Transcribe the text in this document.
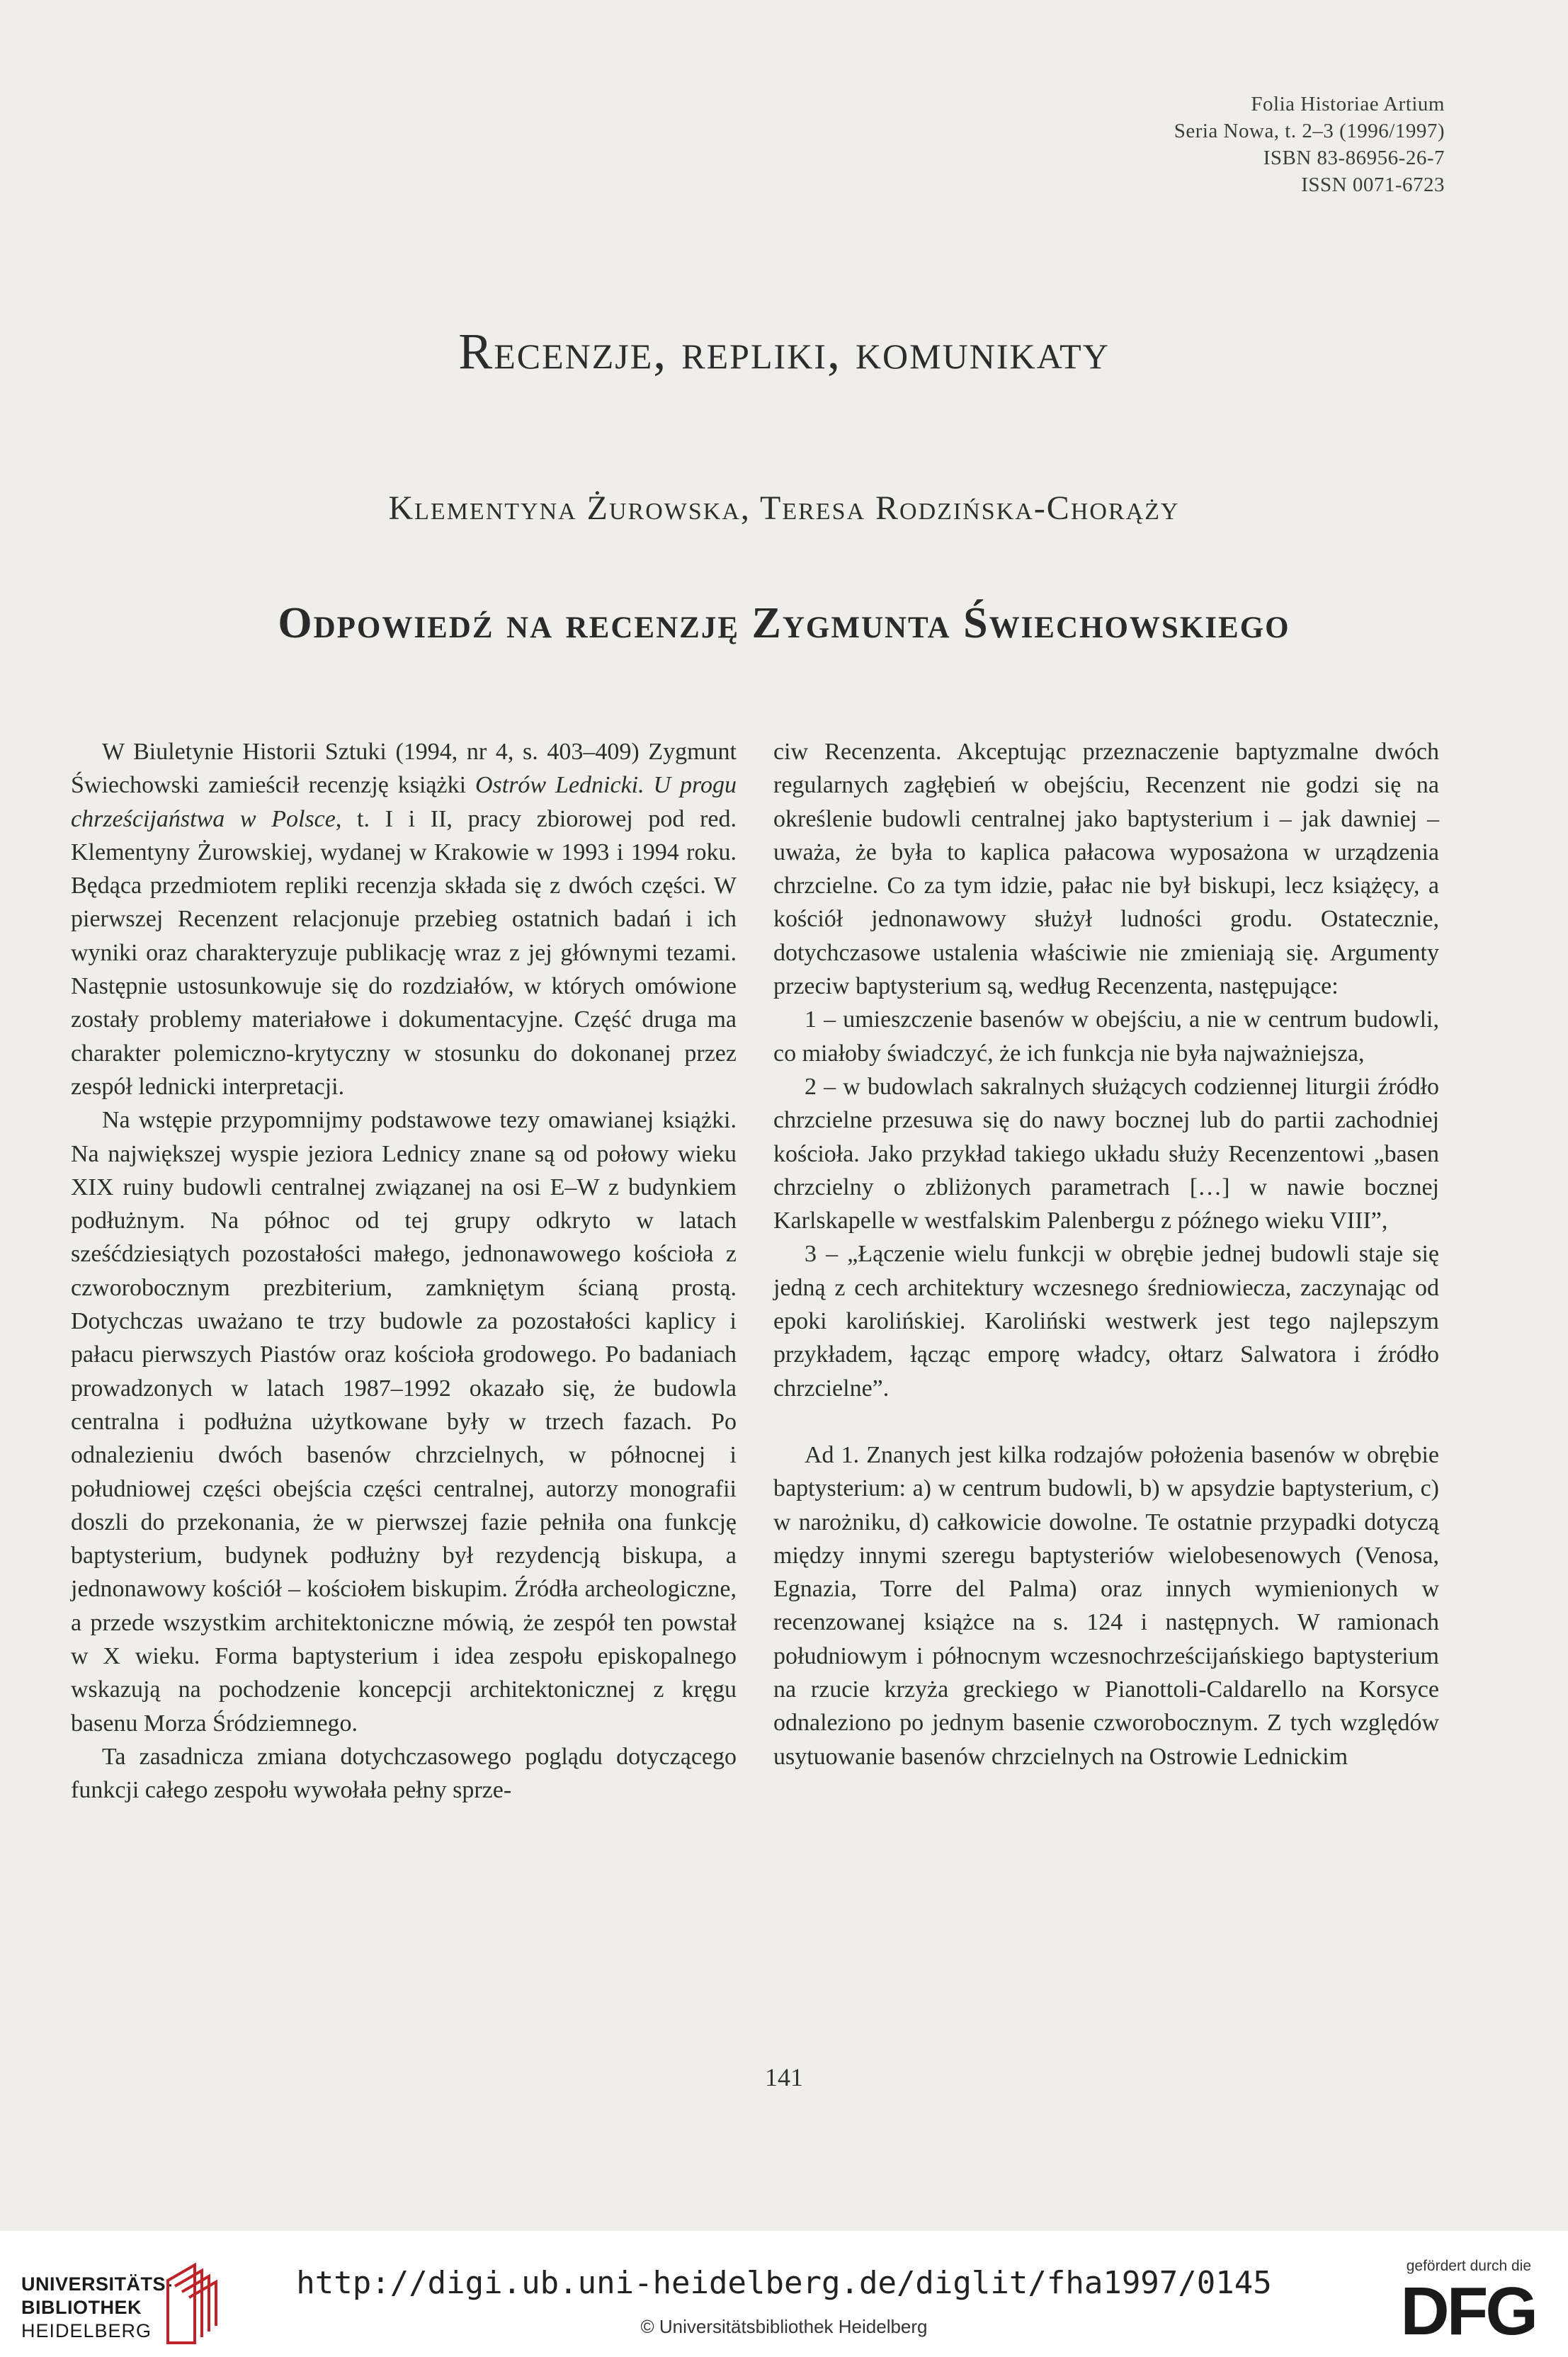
Folia Historiae Artium
Seria Nowa, t. 2–3 (1996/1997)
ISBN 83-86956-26-7
ISSN 0071-6723
Recenzje, repliki, komunikaty
Klementyna Żurowska, Teresa Rodzińska-Chorąży
Odpowiedź na recenzję Zygmunta Świechowskiego

W Biuletynie Historii Sztuki (1994, nr 4, s. 403–409) Zygmunt Świechowski zamieścił recenzję książki Ostrów Lednicki. U progu chrześcijaństwa w Polsce, t. I i II, pracy zbiorowej pod red. Klementyny Żurowskiej, wydanej w Krakowie w 1993 i 1994 roku. Będąca przedmiotem repliki recenzja składa się z dwóch części. W pierwszej Recenzent relacjonuje przebieg ostatnich badań i ich wyniki oraz charakteryzuje publikację wraz z jej głównymi tezami. Następnie ustosunkowuje się do rozdziałów, w których omówione zostały problemy materiałowe i dokumentacyjne. Część druga ma charakter polemiczno-krytyczny w stosunku do dokonanej przez zespół lednicki interpretacji.

Na wstępie przypomnijmy podstawowe tezy omawianej książki. Na największej wyspie jeziora Lednicy znane są od połowy wieku XIX ruiny budowli centralnej związanej na osi E–W z budynkiem podłużnym. Na północ od tej grupy odkryto w latach sześćdziesiątych pozostałości małego, jednonawowego kościoła z czworobocznym prezbiterium, zamkniętym ścianą prostą. Dotychczas uważano te trzy budowle za pozostałości kaplicy i pałacu pierwszych Piastów oraz kościoła grodowego. Po badaniach prowadzonych w latach 1987–1992 okazało się, że budowla centralna i podłużna użytkowane były w trzech fazach. Po odnalezieniu dwóch basenów chrzcielnych, w północnej i południowej części obejścia części centralnej, autorzy monografii doszli do przekonania, że w pierwszej fazie pełniła ona funkcję baptysterium, budynek podłużny był rezydencją biskupa, a jednonawowy kościół – kościołem biskupim. Źródła archeologiczne, a przede wszystkim architektoniczne mówią, że zespół ten powstał w X wieku. Forma baptysterium i idea zespołu episkopalnego wskazują na pochodzenie koncepcji architektonicznej z kręgu basenu Morza Śródziemnego.

Ta zasadnicza zmiana dotychczasowego poglądu dotyczącego funkcji całego zespołu wywołała pełny sprze-

ciw Recenzenta. Akceptując przeznaczenie baptyzmalne dwóch regularnych zagłębień w obejściu, Recenzent nie godzi się na określenie budowli centralnej jako baptysterium i – jak dawniej – uważa, że była to kaplica pałacowa wyposażona w urządzenia chrzcielne. Co za tym idzie, pałac nie był biskupi, lecz książęcy, a kościół jednonawowy służył ludności grodu. Ostatecznie, dotychczasowe ustalenia właściwie nie zmieniają się. Argumenty przeciw baptysterium są, według Recenzenta, następujące:

1 – umieszczenie basenów w obejściu, a nie w centrum budowli, co miałoby świadczyć, że ich funkcja nie była najważniejsza,

2 – w budowlach sakralnych służących codziennej liturgii źródło chrzcielne przesuwa się do nawy bocznej lub do partii zachodniej kościoła. Jako przykład takiego układu służy Recenzentowi „basen chrzcielny o zbliżonych parametrach […] w nawie bocznej Karlskapelle w westfalskim Palenbergu z późnego wieku VIII”,

3 – „Łączenie wielu funkcji w obrębie jednej budowli staje się jedną z cech architektury wczesnego średniowiecza, zaczynając od epoki karolińskiej. Karoliński westwerk jest tego najlepszym przykładem, łącząc emporę władcy, ołtarz Salwatora i źródło chrzcielne”.

Ad 1. Znanych jest kilka rodzajów położenia basenów w obrębie baptysterium: a) w centrum budowli, b) w apsydzie baptysterium, c) w narożniku, d) całkowicie dowolne. Te ostatnie przypadki dotyczą między innymi szeregu baptysteriów wielobesenowych (Venosa, Egnazia, Torre del Palma) oraz innych wymienionych w recenzowanej książce na s. 124 i następnych. W ramionach południowym i północnym wczesnochrześcijańskiego baptysterium na rzucie krzyża greckiego w Pianottoli-Caldarello na Korsyce odnaleziono po jednym basenie czworobocznym. Z tych względów usytuowanie basenów chrzcielnych na Ostrowie Lednickim

141
UNIVERSITÄTS-
BIBLIOTHEK
HEIDELBERG
http://digi.ub.uni-heidelberg.de/diglit/fha1997/0145
© Universitätsbibliothek Heidelberg
gefördert durch die
DFG
